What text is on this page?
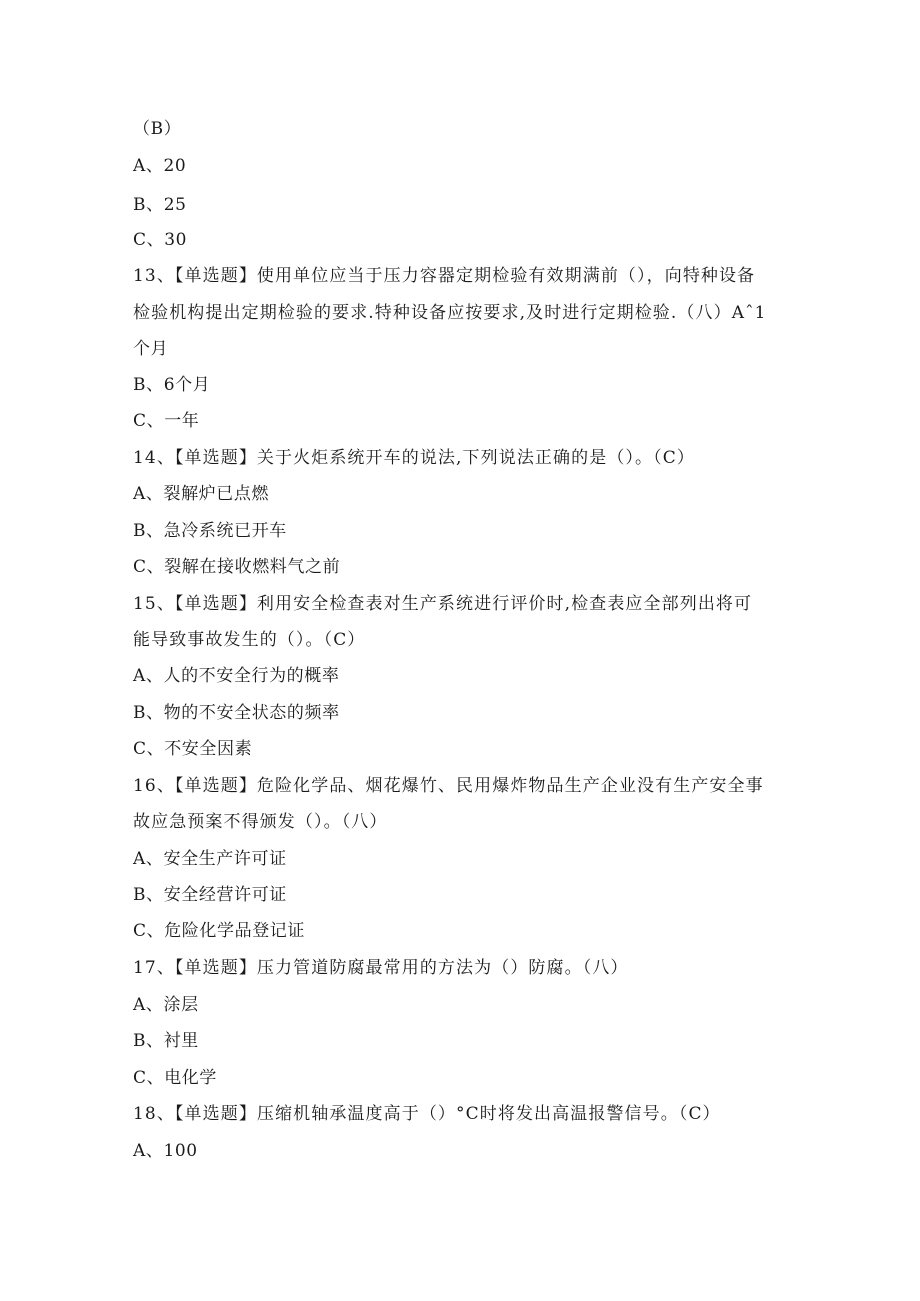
（B）
A、20
B、25
C、30
13、【单选题】使用单位应当于压力容器定期检验有效期满前（），向特种设备
检验机构提出定期检验的要求.特种设备应按要求,及时进行定期检验.（八）Aˆ1
个月
B、6个月
C、一年
14、【单选题】关于火炬系统开车的说法,下列说法正确的是（）。（C）
A、裂解炉已点燃
B、急冷系统已开车
C、裂解在接收燃料气之前
15、【单选题】利用安全检查表对生产系统进行评价时,检查表应全部列出将可
能导致事故发生的（）。（C）
A、人的不安全行为的概率
B、物的不安全状态的频率
C、不安全因素
16、【单选题】危险化学品、烟花爆竹、民用爆炸物品生产企业没有生产安全事
故应急预案不得颁发（）。（八）
A、安全生产许可证
B、安全经营许可证
C、危险化学品登记证
17、【单选题】压力管道防腐最常用的方法为（）防腐。（八）
A、涂层
B、衬里
C、电化学
18、【单选题】压缩机轴承温度高于（）°C时将发出高温报警信号。（C）
A、100
